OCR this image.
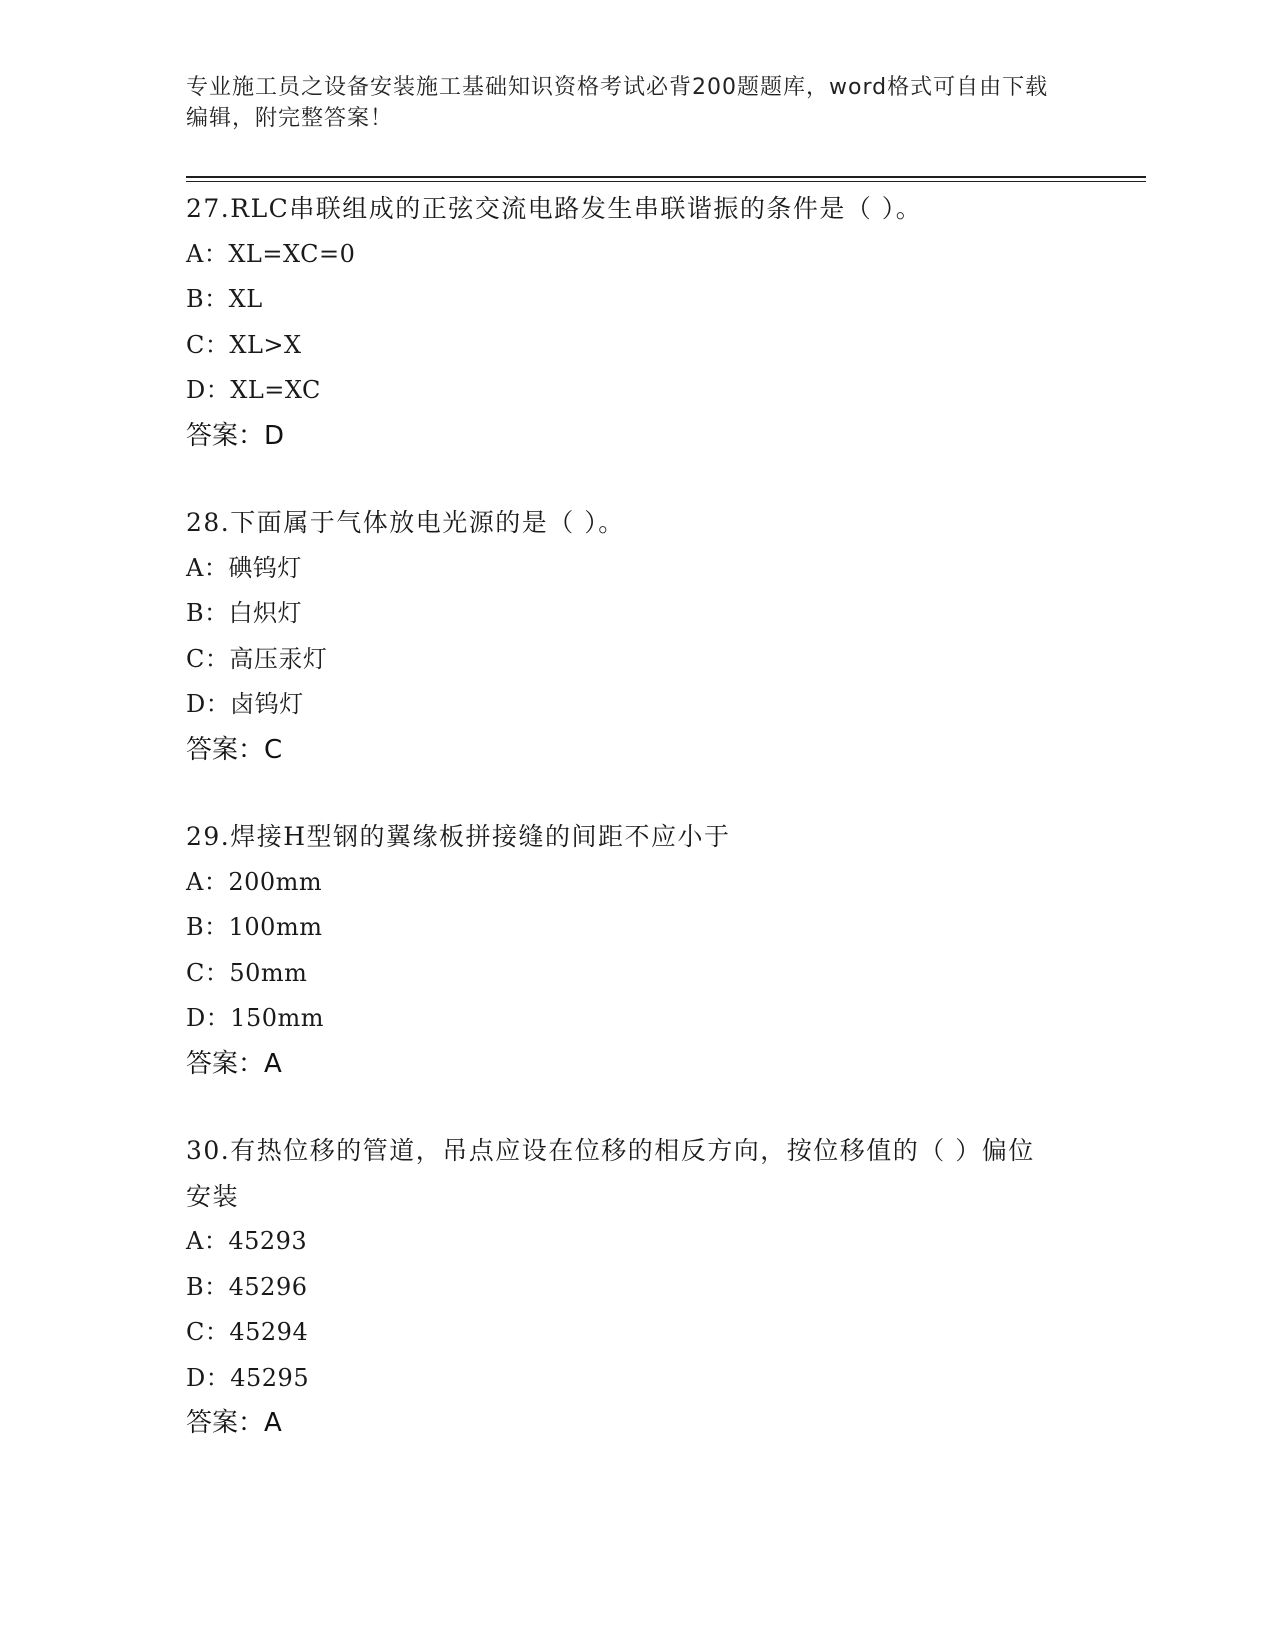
专业施工员之设备安装施工基础知识资格考试必背200题题库，word格式可自由下载编辑，附完整答案！

27.RLC串联组成的正弦交流电路发生串联谐振的条件是（ ）。

A：XL=XC=0

B：XL

C：XL>X

D：XL=XC

答案：D

28.下面属于气体放电光源的是（ ）。

A：碘钨灯

B：白炽灯

C：高压汞灯

D：卤钨灯

答案：C

29.焊接H型钢的翼缘板拼接缝的间距不应小于

A：200mm

B：100mm

C：50mm

D：150mm

答案：A

30.有热位移的管道，吊点应设在位移的相反方向，按位移值的（ ）偏位安装

A：45293

B：45296

C：45294

D：45295

答案：A
